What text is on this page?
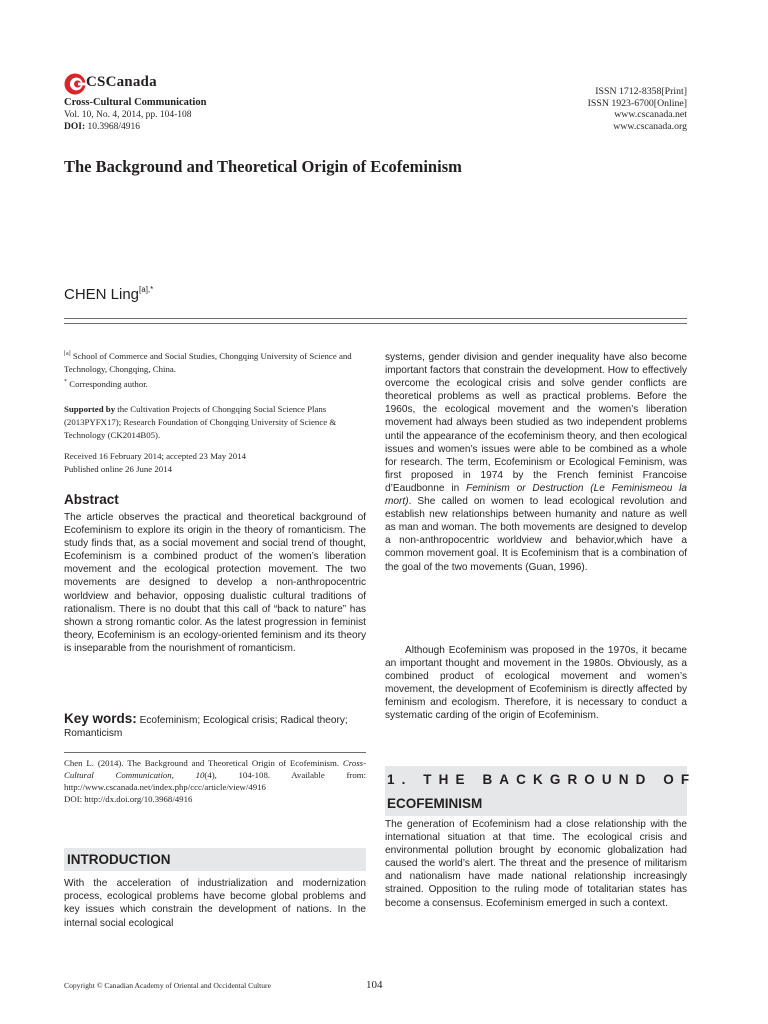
CSCanada
Cross-Cultural Communication
Vol. 10, No. 4, 2014, pp. 104-108
DOI: 10.3968/4916
ISSN 1712-8358[Print]
ISSN 1923-6700[Online]
www.cscanada.net
www.cscanada.org
The Background and Theoretical Origin of Ecofeminism
CHEN Ling$^{[a],*}$
[a] School of Commerce and Social Studies, Chongqing University of Science and Technology, Chongqing, China.
* Corresponding author.
Supported by the Cultivation Projects of Chongqing Social Science Plans (2013PYFX17); Research Foundation of Chongqing University of Science & Technology (CK2014B05).
Received 16 February 2014; accepted 23 May 2014
Published online 26 June 2014
Abstract
The article observes the practical and theoretical background of Ecofeminism to explore its origin in the theory of romanticism. The study finds that, as a social movement and social trend of thought, Ecofeminism is a combined product of the women’s liberation movement and the ecological protection movement. The two movements are designed to develop a non-anthropocentric worldview and behavior, opposing dualistic cultural traditions of rationalism. There is no doubt that this call of “back to nature” has shown a strong romantic color. As the latest progression in feminist theory, Ecofeminism is an ecology-oriented feminism and its theory is inseparable from the nourishment of romanticism.
Key words: Ecofeminism; Ecological crisis; Radical theory; Romanticism
Chen L. (2014). The Background and Theoretical Origin of Ecofeminism. Cross-Cultural Communication, 10(4), 104-108. Available from: http://www.cscanada.net/index.php/ccc/article/view/4916
DOI: http://dx.doi.org/10.3968/4916
INTRODUCTION
With the acceleration of industrialization and modernization process, ecological problems have become global problems and key issues which constrain the development of nations. In the internal social ecological
systems, gender division and gender inequality have also become important factors that constrain the development. How to effectively overcome the ecological crisis and solve gender conflicts are theoretical problems as well as practical problems. Before the 1960s, the ecological movement and the women’s liberation movement had always been studied as two independent problems until the appearance of the ecofeminism theory, and then ecological issues and women’s issues were able to be combined as a whole for research. The term, Ecofeminism or Ecological Feminism, was first proposed in 1974 by the French feminist Francoise d’Eaudbonne in Feminism or Destruction (Le Feminismeou la mort). She called on women to lead ecological revolution and establish new relationships between humanity and nature as well as man and woman. The both movements are designed to develop a non-anthropocentric worldview and behavior,which have a common movement goal. It is Ecofeminism that is a combination of the goal of the two movements (Guan, 1996).
Although Ecofeminism was proposed in the 1970s, it became an important thought and movement in the 1980s. Obviously, as a combined product of ecological movement and women’s movement, the development of Ecofeminism is directly affected by feminism and ecologism. Therefore, it is necessary to conduct a systematic carding of the origin of Ecofeminism.
1. THE BACKGROUND OF
ECOFEMINISM
The generation of Ecofeminism had a close relationship with the international situation at that time. The ecological crisis and environmental pollution brought by economic globalization had caused the world’s alert. The threat and the presence of militarism and nationalism have made national relationship increasingly strained. Opposition to the ruling mode of totalitarian states has become a consensus. Ecofeminism emerged in such a context.
Copyright © Canadian Academy of Oriental and Occidental Culture	104
